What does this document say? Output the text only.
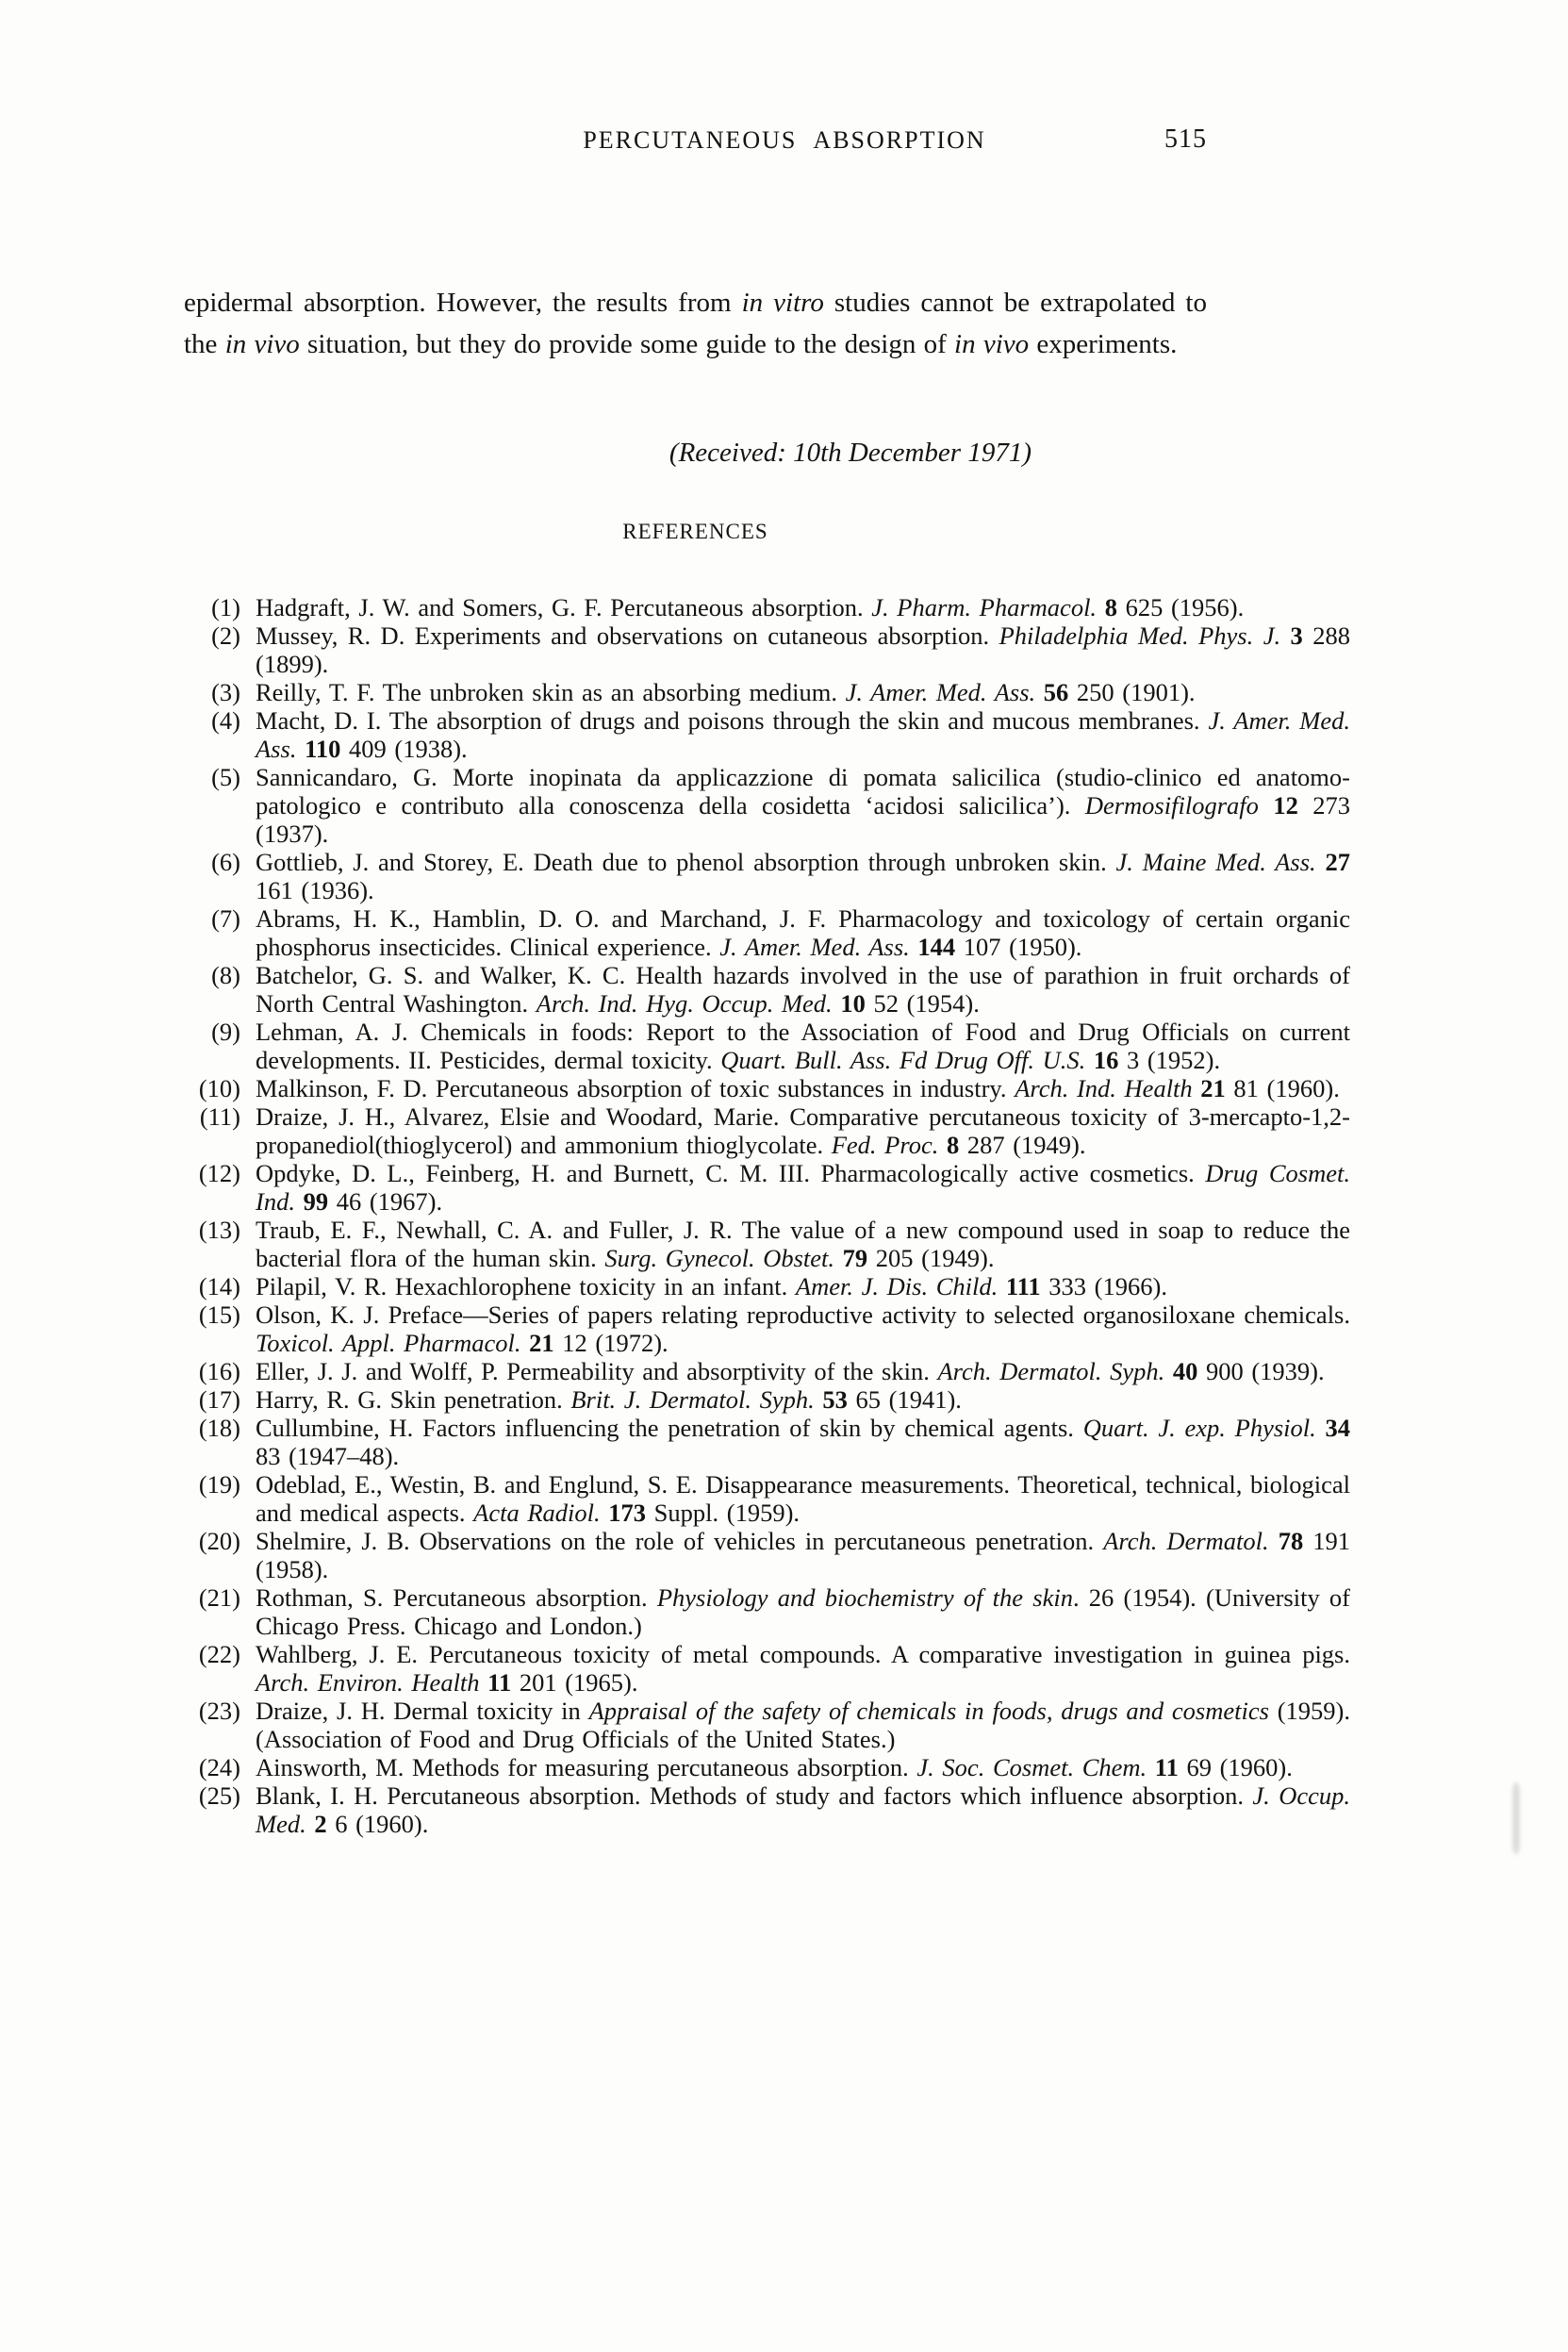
PERCUTANEOUS ABSORPTION	515

epidermal absorption. However, the results from in vitro studies cannot be extrapolated to the in vivo situation, but they do provide some guide to the design of in vivo experiments.

(Received: 10th December 1971)
REFERENCES
(1) Hadgraft, J. W. and Somers, G. F. Percutaneous absorption. J. Pharm. Pharmacol. 8 625 (1956).
(2) Mussey, R. D. Experiments and observations on cutaneous absorption. Philadelphia Med. Phys. J. 3 288 (1899).
(3) Reilly, T. F. The unbroken skin as an absorbing medium. J. Amer. Med. Ass. 56 250 (1901).
(4) Macht, D. I. The absorption of drugs and poisons through the skin and mucous membranes. J. Amer. Med. Ass. 110 409 (1938).
(5) Sannicandaro, G. Morte inopinata da applicazzione di pomata salicilica (studio-clinico ed anatomo-patologico e contributo alla conoscenza della cosidetta ‘acidosi salicilica’). Dermosifilografo 12 273 (1937).
(6) Gottlieb, J. and Storey, E. Death due to phenol absorption through unbroken skin. J. Maine Med. Ass. 27 161 (1936).
(7) Abrams, H. K., Hamblin, D. O. and Marchand, J. F. Pharmacology and toxicology of certain organic phosphorus insecticides. Clinical experience. J. Amer. Med. Ass. 144 107 (1950).
(8) Batchelor, G. S. and Walker, K. C. Health hazards involved in the use of parathion in fruit orchards of North Central Washington. Arch. Ind. Hyg. Occup. Med. 10 52 (1954).
(9) Lehman, A. J. Chemicals in foods: Report to the Association of Food and Drug Officials on current developments. II. Pesticides, dermal toxicity. Quart. Bull. Ass. Fd Drug Off. U.S. 16 3 (1952).
(10) Malkinson, F. D. Percutaneous absorption of toxic substances in industry. Arch. Ind. Health 21 81 (1960).
(11) Draize, J. H., Alvarez, Elsie and Woodard, Marie. Comparative percutaneous toxicity of 3-mercapto-1,2-propanediol(thioglycerol) and ammonium thioglycolate. Fed. Proc. 8 287 (1949).
(12) Opdyke, D. L., Feinberg, H. and Burnett, C. M. III. Pharmacologically active cosmetics. Drug Cosmet. Ind. 99 46 (1967).
(13) Traub, E. F., Newhall, C. A. and Fuller, J. R. The value of a new compound used in soap to reduce the bacterial flora of the human skin. Surg. Gynecol. Obstet. 79 205 (1949).
(14) Pilapil, V. R. Hexachlorophene toxicity in an infant. Amer. J. Dis. Child. 111 333 (1966).
(15) Olson, K. J. Preface—Series of papers relating reproductive activity to selected organosiloxane chemicals. Toxicol. Appl. Pharmacol. 21 12 (1972).
(16) Eller, J. J. and Wolff, P. Permeability and absorptivity of the skin. Arch. Dermatol. Syph. 40 900 (1939).
(17) Harry, R. G. Skin penetration. Brit. J. Dermatol. Syph. 53 65 (1941).
(18) Cullumbine, H. Factors influencing the penetration of skin by chemical agents. Quart. J. exp. Physiol. 34 83 (1947–48).
(19) Odeblad, E., Westin, B. and Englund, S. E. Disappearance measurements. Theoretical, technical, biological and medical aspects. Acta Radiol. 173 Suppl. (1959).
(20) Shelmire, J. B. Observations on the role of vehicles in percutaneous penetration. Arch. Dermatol. 78 191 (1958).
(21) Rothman, S. Percutaneous absorption. Physiology and biochemistry of the skin. 26 (1954). (University of Chicago Press. Chicago and London.)
(22) Wahlberg, J. E. Percutaneous toxicity of metal compounds. A comparative investigation in guinea pigs. Arch. Environ. Health 11 201 (1965).
(23) Draize, J. H. Dermal toxicity in Appraisal of the safety of chemicals in foods, drugs and cosmetics (1959). (Association of Food and Drug Officials of the United States.)
(24) Ainsworth, M. Methods for measuring percutaneous absorption. J. Soc. Cosmet. Chem. 11 69 (1960).
(25) Blank, I. H. Percutaneous absorption. Methods of study and factors which influence absorption. J. Occup. Med. 2 6 (1960).
